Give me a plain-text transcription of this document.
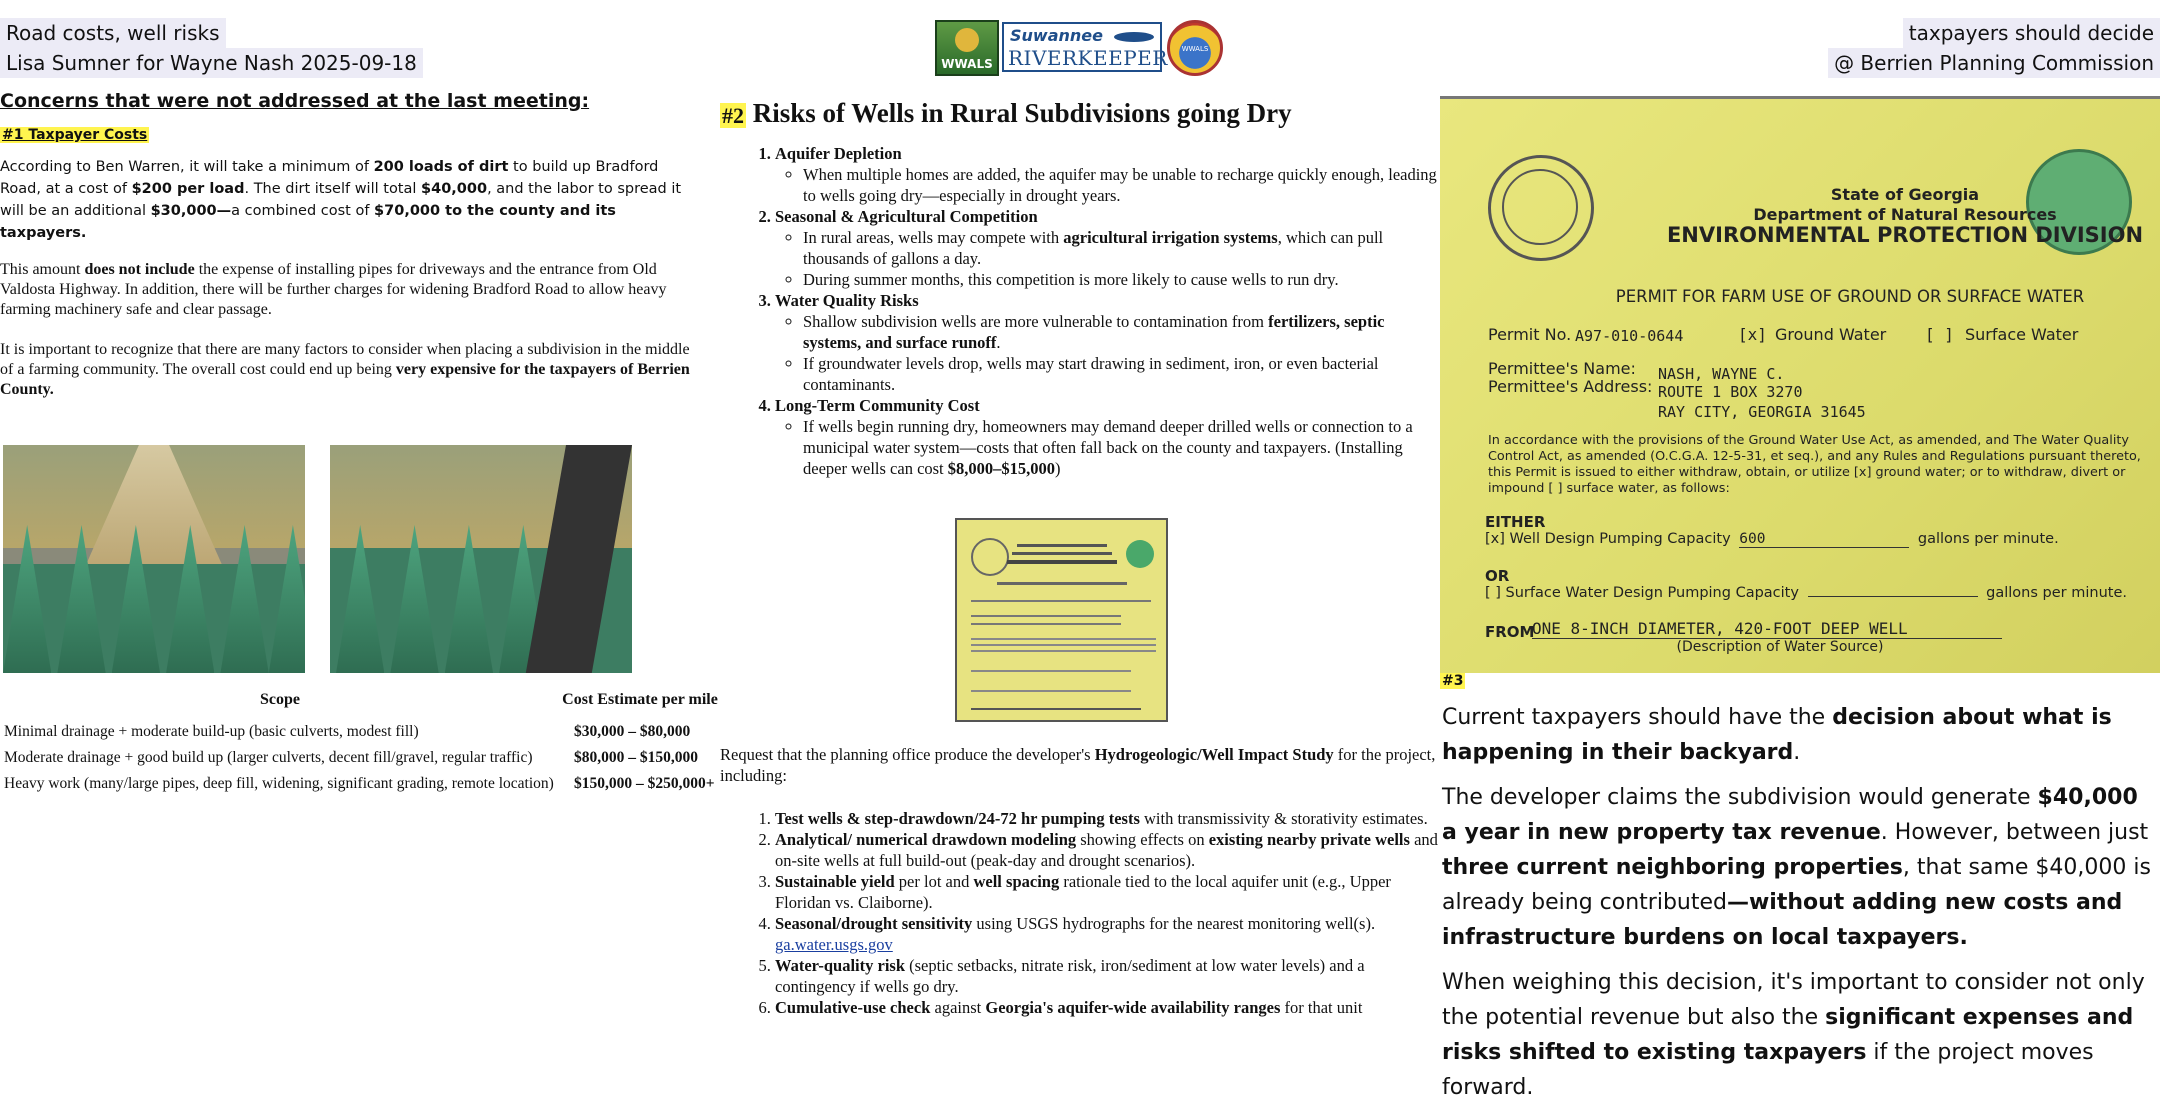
Road costs, well risks
Lisa Sumner for Wayne Nash 2025-09-18
taxpayers should decide
@ Berrien Planning Commission
WWALS
Suwannee
RIVERKEEPER	WWALS
Concerns that were not addressed at the last meeting:
#1 Taxpayer Costs

According to Ben Warren, it will take a minimum of 200 loads of dirt to build up Bradford Road, at a cost of $200 per load. The dirt itself will total $40,000, and the labor to spread it will be an additional $30,000—a combined cost of $70,000 to the county and its taxpayers.

This amount does not include the expense of installing pipes for driveways and the entrance from Old Valdosta Highway. In addition, there will be further charges for widening Bradford Road to allow heavy farming machinery safe and clear passage.

It is important to recognize that there are many factors to consider when placing a subdivision in the middle of a farming community. The overall cost could end up being very expensive for the taxpayers of Berrien County.

Scope	Cost Estimate per mile
Minimal drainage + moderate build-up (basic culverts, modest fill)	$30,000 – $80,000
Moderate drainage + good build up (larger culverts, decent fill/gravel, regular traffic)	$80,000 – $150,000
Heavy work (many/large pipes, deep fill, widening, significant grading, remote location)	$150,000 – $250,000+
#2 Risks of Wells in Rural Subdivisions going Dry
1. Aquifer Depletion
◦ When multiple homes are added, the aquifer may be unable to recharge quickly enough, leading to wells going dry—especially in drought years.
2. Seasonal & Agricultural Competition
◦ In rural areas, wells may compete with agricultural irrigation systems, which can pull thousands of gallons a day.
◦ During summer months, this competition is more likely to cause wells to run dry.
3. Water Quality Risks
◦ Shallow subdivision wells are more vulnerable to contamination from fertilizers, septic systems, and surface runoff.
◦ If groundwater levels drop, wells may start drawing in sediment, iron, or even bacterial contaminants.
4. Long-Term Community Cost
◦ If wells begin running dry, homeowners may demand deeper drilled wells or connection to a municipal water system—costs that often fall back on the county and taxpayers. (Installing deeper wells can cost $8,000–$15,000)

Request that the planning office produce the developer's Hydrogeologic/Well Impact Study for the project, including:

1. Test wells & step-drawdown/24-72 hr pumping tests with transmissivity & storativity estimates.
2. Analytical/ numerical drawdown modeling showing effects on existing nearby private wells and on-site wells at full build-out (peak-day and drought scenarios).
3. Sustainable yield per lot and well spacing rationale tied to the local aquifer unit (e.g., Upper Floridan vs. Claiborne).
4. Seasonal/drought sensitivity using USGS hydrographs for the nearest monitoring well(s). ga.water.usgs.gov
5. Water-quality risk (septic setbacks, nitrate risk, iron/sediment at low water levels) and a contingency if wells go dry.
6. Cumulative-use check against Georgia's aquifer-wide availability ranges for that unit
State of Georgia
Department of Natural Resources
ENVIRONMENTAL PROTECTION DIVISION
PERMIT FOR FARM USE OF GROUND OR SURFACE WATER
Permit No. A97-010-0644	[x] Ground Water [ ] Surface Water
Permittee's Name: NASH, WAYNE C.
Permittee's Address: ROUTE 1 BOX 3270
RAY CITY, GEORGIA 31645
In accordance with the provisions of the Ground Water Use Act, as amended, and The Water Quality
Control Act, as amended (O.C.G.A. 12-5-31, et seq.), and any Rules and Regulations pursuant thereto,
this Permit is issued to either withdraw, obtain, or utilize [x] ground water; or to withdraw, divert or
impound [ ] surface water, as follows:
EITHER
[x] Well Design Pumping Capacity 600	gallons per minute.
OR
[ ] Surface Water Design Pumping Capacity	gallons per minute.
FROM
ONE 8-INCH DIAMETER, 420-FOOT DEEP WELL
(Description of Water Source)
#3

Current taxpayers should have the decision about what is happening in their backyard.

The developer claims the subdivision would generate $40,000 a year in new property tax revenue. However, between just three current neighboring properties, that same $40,000 is already being contributed—without adding new costs and infrastructure burdens on local taxpayers.

When weighing this decision, it's important to consider not only the potential revenue but also the significant expenses and risks shifted to existing taxpayers if the project moves forward.
